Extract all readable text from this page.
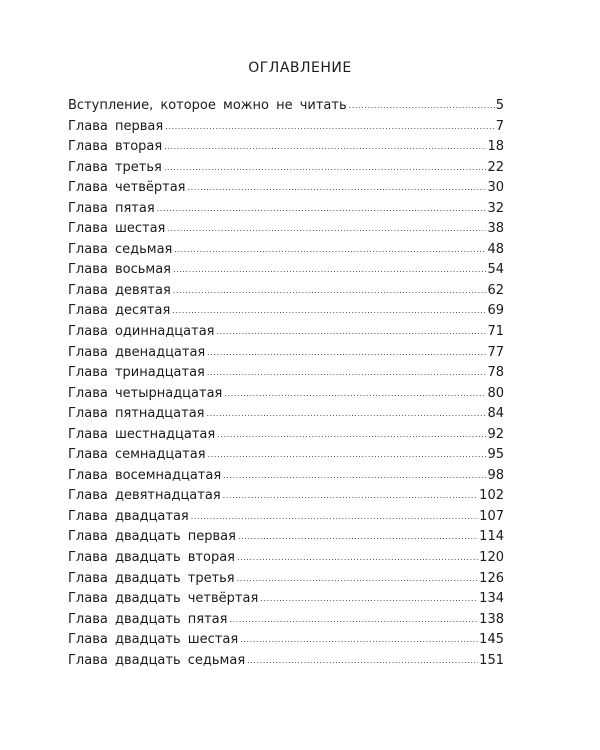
ОГЛАВЛЕНИЕ
Вступление, которое можно не читать .....	5
Глава первая .....	7
Глава вторая .....	18
Глава третья .....	22
Глава четвёртая .....	30
Глава пятая .....	32
Глава шестая .....	38
Глава седьмая .....	48
Глава восьмая .....	54
Глава девятая .....	62
Глава десятая .....	69
Глава одиннадцатая .....	71
Глава двенадцатая .....	77
Глава тринадцатая .....	78
Глава четырнадцатая .....	80
Глава пятнадцатая .....	84
Глава шестнадцатая .....	92
Глава семнадцатая .....	95
Глава восемнадцатая .....	98
Глава девятнадцатая .....	102
Глава двадцатая .....	107
Глава двадцать первая .....	114
Глава двадцать вторая .....	120
Глава двадцать третья .....	126
Глава двадцать четвёртая .....	134
Глава двадцать пятая .....	138
Глава двадцать шестая .....	145
Глава двадцать седьмая .....	151
